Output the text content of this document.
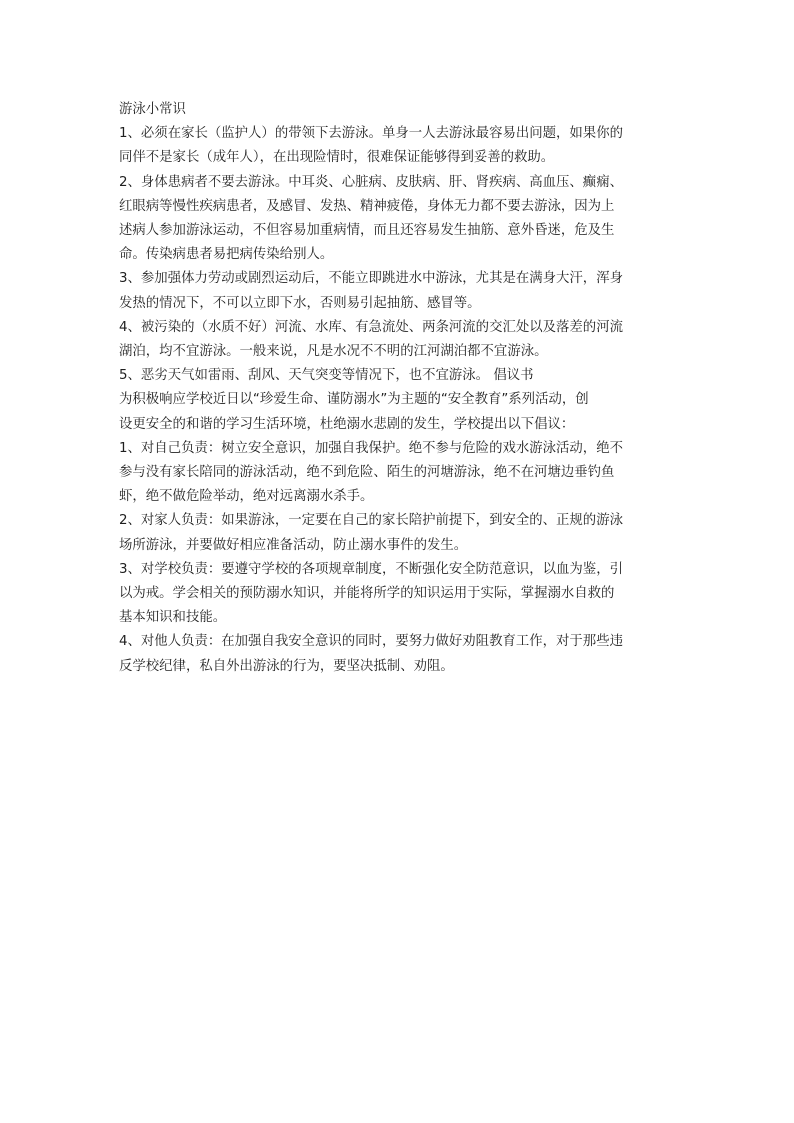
游泳小常识
1、必须在家长（监护人）的带领下去游泳。单身一人去游泳最容易出问题，如果你的
同伴不是家长（成年人），在出现险情时，很难保证能够得到妥善的救助。
2、身体患病者不要去游泳。中耳炎、心脏病、皮肤病、肝、肾疾病、高血压、癫痫、
红眼病等慢性疾病患者，及感冒、发热、精神疲倦，身体无力都不要去游泳，因为上
述病人参加游泳运动，不但容易加重病情，而且还容易发生抽筋、意外昏迷，危及生
命。传染病患者易把病传染给别人。
3、参加强体力劳动或剧烈运动后，不能立即跳进水中游泳，尤其是在满身大汗，浑身
发热的情况下，不可以立即下水，否则易引起抽筋、感冒等。
4、被污染的（水质不好）河流、水库、有急流处、两条河流的交汇处以及落差的河流
湖泊，均不宜游泳。一般来说，凡是水况不不明的江河湖泊都不宜游泳。
5、恶劣天气如雷雨、刮风、天气突变等情况下，也不宜游泳。 倡议书
为积极响应学校近日以“珍爱生命、谨防溺水”为主题的“安全教育”系列活动，创
设更安全的和谐的学习生活环境，杜绝溺水悲剧的发生，学校提出以下倡议：
1、对自己负责：树立安全意识，加强自我保护。绝不参与危险的戏水游泳活动，绝不
参与没有家长陪同的游泳活动，绝不到危险、陌生的河塘游泳，绝不在河塘边垂钓鱼
虾，绝不做危险举动，绝对远离溺水杀手。
2、对家人负责：如果游泳，一定要在自己的家长陪护前提下，到安全的、正规的游泳
场所游泳，并要做好相应准备活动，防止溺水事件的发生。
3、对学校负责：要遵守学校的各项规章制度，不断强化安全防范意识，以血为鉴，引
以为戒。学会相关的预防溺水知识，并能将所学的知识运用于实际，掌握溺水自救的
基本知识和技能。
4、对他人负责：在加强自我安全意识的同时，要努力做好劝阻教育工作，对于那些违
反学校纪律，私自外出游泳的行为，要坚决抵制、劝阻。
